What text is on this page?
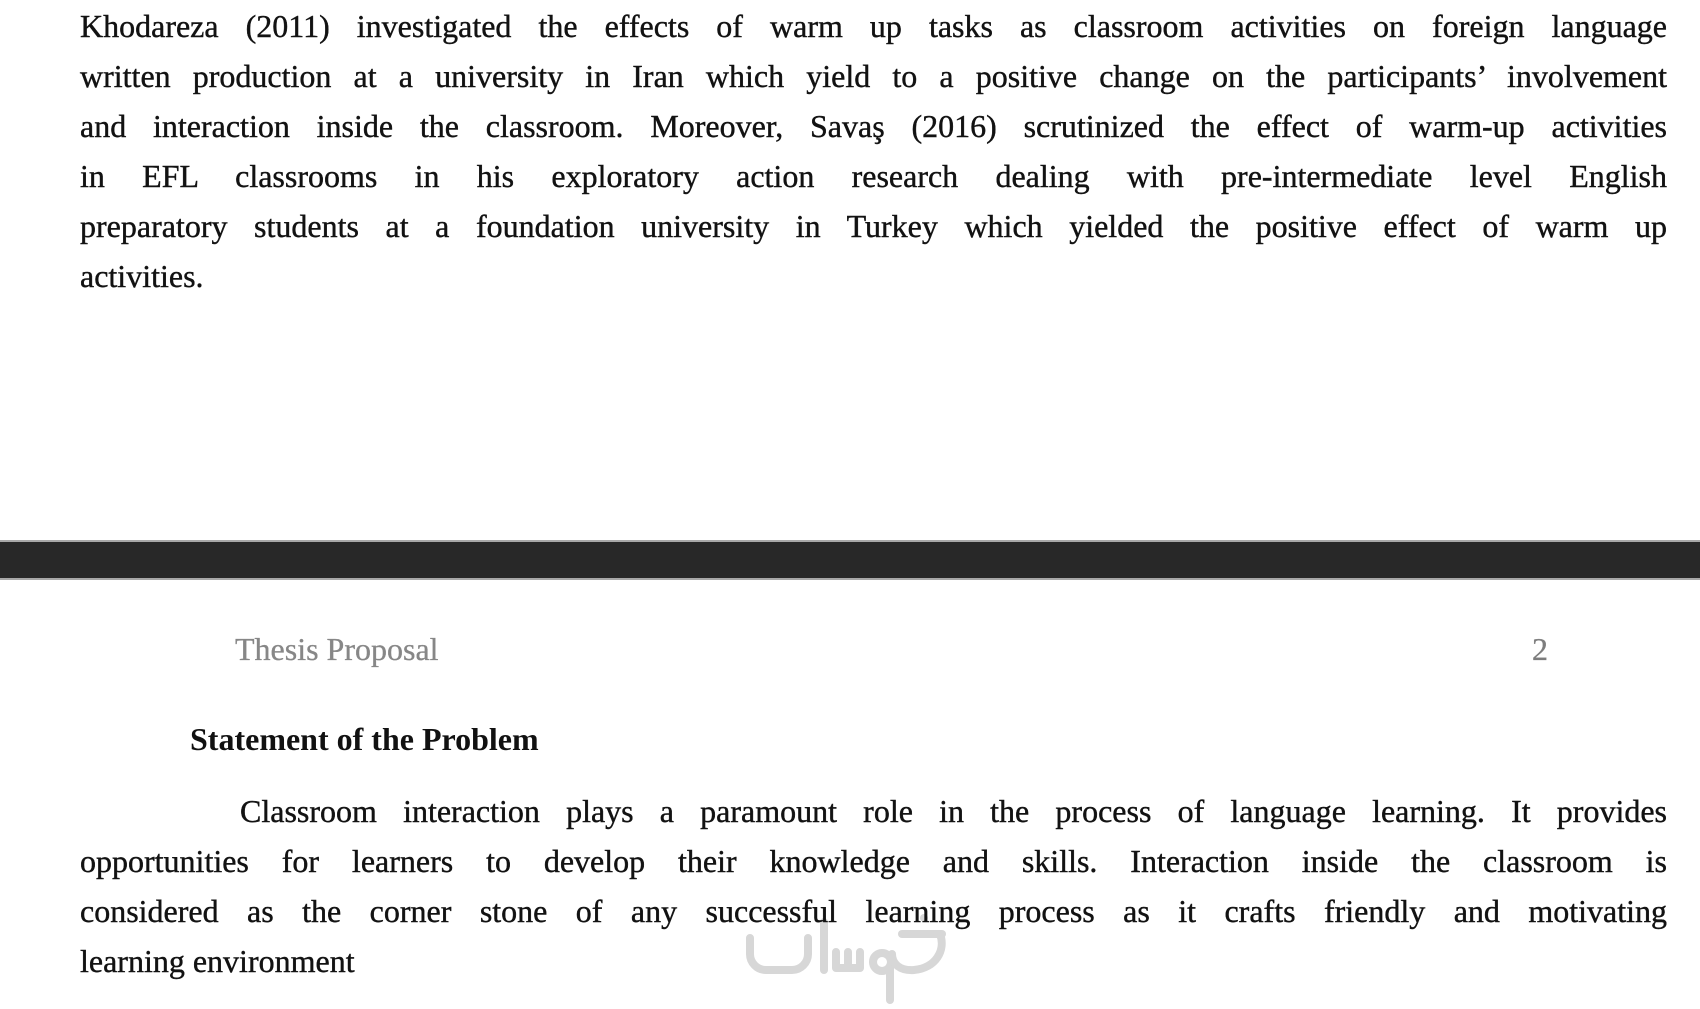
Khodareza (2011) investigated the effects of warm up tasks as classroom activities on foreign language
written production at a university in Iran which yield to a positive change on the participants’ involvement
and interaction inside the classroom. Moreover, Savaş (2016) scrutinized the effect of warm-up activities
in EFL classrooms in his exploratory action research dealing with pre-intermediate level English
preparatory students at a foundation university in Turkey which yielded the positive effect of warm up
activities.
Thesis Proposal	2
Statement of the Problem
Classroom interaction plays a paramount role in the process of language learning. It provides
opportunities for learners to develop their knowledge and skills. Interaction inside the classroom is
considered as the corner stone of any successful learning process as it crafts friendly and motivating
learning environment
